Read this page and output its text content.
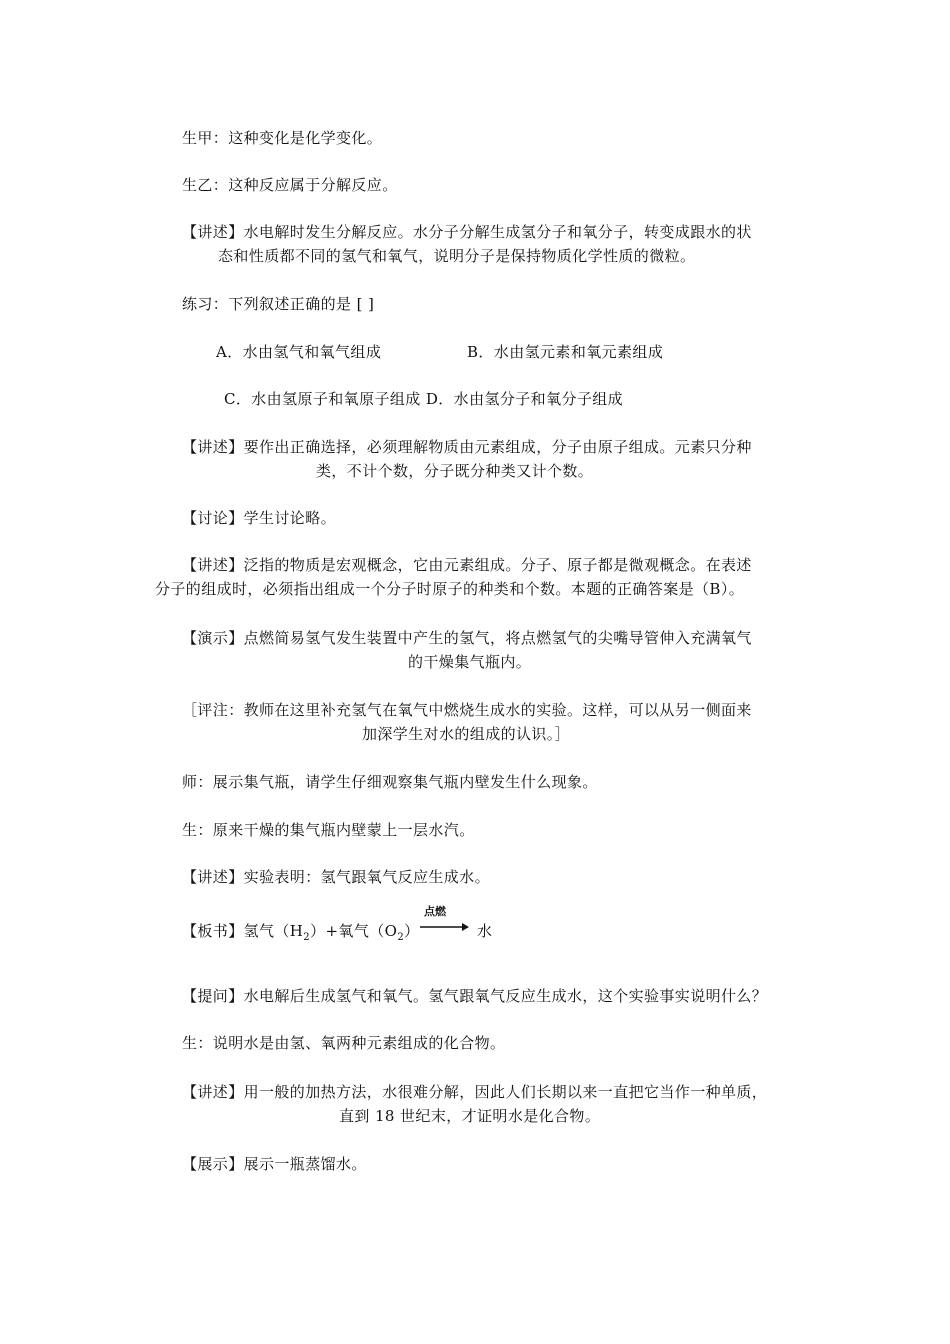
生甲：这种变化是化学变化。
生乙：这种反应属于分解反应。
【讲述】水电解时发生分解反应。水分子分解生成氢分子和氧分子，转变成跟水的状
态和性质都不同的氢气和氧气，说明分子是保持物质化学性质的微粒。
练习：下列叙述正确的是 [ ]
A．水由氢气和氧气组成	B．水由氢元素和氧元素组成
C．水由氢原子和氧原子组成 D．水由氢分子和氧分子组成
【讲述】要作出正确选择，必须理解物质由元素组成，分子由原子组成。元素只分种
类，不计个数，分子既分种类又计个数。
【讨论】学生讨论略。
【讲述】泛指的物质是宏观概念，它由元素组成。分子、原子都是微观概念。在表述
分子的组成时，必须指出组成一个分子时原子的种类和个数。本题的正确答案是（B）。
【演示】点燃简易氢气发生装置中产生的氢气，将点燃氢气的尖嘴导管伸入充满氧气
的干燥集气瓶内。
［评注：教师在这里补充氢气在氧气中燃烧生成水的实验。这样，可以从另一侧面来
加深学生对水的组成的认识。］
师：展示集气瓶，请学生仔细观察集气瓶内壁发生什么现象。
生：原来干燥的集气瓶内壁蒙上一层水汽。
【讲述】实验表明：氢气跟氧气反应生成水。
【板书】氢气$(H_2)+$氧气$(O_2)$
点燃
水
【提问】水电解后生成氢气和氧气。氢气跟氧气反应生成水，这个实验事实说明什么？
生：说明水是由氢、氧两种元素组成的化合物。
【讲述】用一般的加热方法，水很难分解，因此人们长期以来一直把它当作一种单质，
直到 18 世纪末，才证明水是化合物。
【展示】展示一瓶蒸馏水。
